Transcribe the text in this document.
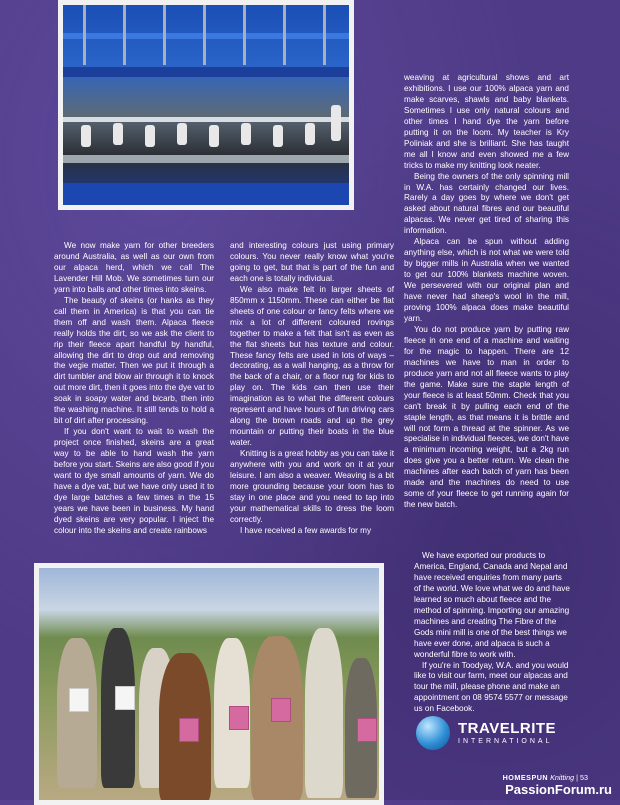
We now make yarn for other breeders around Australia, as well as our own from our alpaca herd, which we call The Lavender Hill Mob. We sometimes turn our yarn into balls and other times into skeins.

The beauty of skeins (or hanks as they call them in America) is that you can tie them off and wash them. Alpaca fleece really holds the dirt, so we ask the client to rip their fleece apart handful by handful, allowing the dirt to drop out and removing the vegie matter. Then we put it through a dirt tumbler and blow air through it to knock out more dirt, then it goes into the dye vat to soak in soapy water and bicarb, then into the washing machine. It still tends to hold a bit of dirt after processing.

If you don't want to wait to wash the project once finished, skeins are a great way to be able to hand wash the yarn before you start. Skeins are also good if you want to dye small amounts of yarn. We do have a dye vat, but we have only used it to dye large batches a few times in the 15 years we have been in business. My hand dyed skeins are very popular. I inject the colour into the skeins and create rainbows

and interesting colours just using primary colours. You never really know what you're going to get, but that is part of the fun and each one is totally individual.

We also make felt in larger sheets of 850mm x 1150mm. These can either be flat sheets of one colour or fancy felts where we mix a lot of different coloured rovings together to make a felt that isn't as even as the flat sheets but has texture and colour. These fancy felts are used in lots of ways – decorating, as a wall hanging, as a throw for the back of a chair, or a floor rug for kids to play on. The kids can then use their imagination as to what the different colours represent and have hours of fun driving cars along the brown roads and up the grey mountain or putting their boats in the blue water.

Knitting is a great hobby as you can take it anywhere with you and work on it at your leisure. I am also a weaver. Weaving is a bit more grounding because your loom has to stay in one place and you need to tap into your mathematical skills to dress the loom correctly.

I have received a few awards for my

weaving at agricultural shows and art exhibitions. I use our 100% alpaca yarn and make scarves, shawls and baby blankets. Sometimes I use only natural colours and other times I hand dye the yarn before putting it on the loom. My teacher is Kry Poliniak and she is brilliant. She has taught me all I know and even showed me a few tricks to make my knitting look neater.

Being the owners of the only spinning mill in W.A. has certainly changed our lives. Rarely a day goes by where we don't get asked about natural fibres and our beautiful alpacas. We never get tired of sharing this information.

Alpaca can be spun without adding anything else, which is not what we were told by bigger mills in Australia when we wanted to get our 100% blankets machine woven. We persevered with our original plan and have never had sheep's wool in the mill, proving 100% alpaca does make beautiful yarn.

You do not produce yarn by putting raw fleece in one end of a machine and waiting for the magic to happen. There are 12 machines we have to man in order to produce yarn and not all fleece wants to play the game. Make sure the staple length of your fleece is at least 50mm. Check that you can't break it by pulling each end of the staple length, as that means it is brittle and will not form a thread at the spinner. As we specialise in individual fleeces, we don't have a minimum incoming weight, but a 2kg run does give you a better return. We clean the machines after each batch of yarn has been made and the machines do need to use some of your fleece to get running again for the new batch.

We have exported our products to America, England, Canada and Nepal and have received enquiries from many parts of the world. We love what we do and have learned so much about fleece and the method of spinning. Importing our amazing machines and creating The Fibre of the Gods mini mill is one of the best things we have ever done, and alpaca is such a wonderful fibre to work with.

If you're in Toodyay, W.A. and you would like to visit our farm, meet our alpacas and tour the mill, please phone and make an appointment on 08 9574 5577 or message us on Facebook.

TRAVELRITE
INTERNATIONAL
HOMESPUN Knitting | 53
PassionForum.ru
